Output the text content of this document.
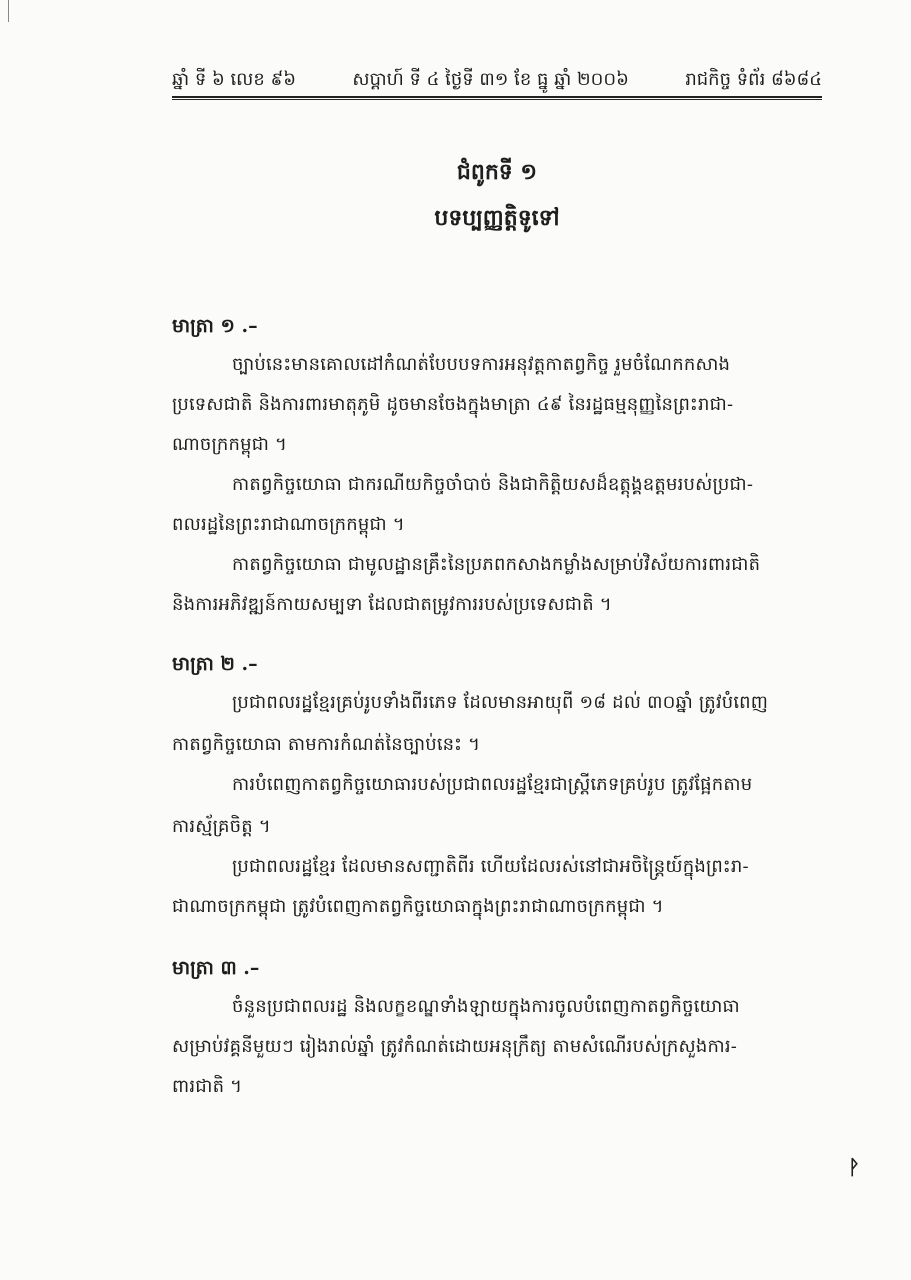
ឆ្នាំ ទី ៦ លេខ ៩៦	សប្តាហ៍ ទី ៤ ថ្ងៃទី ៣១ ខែ ធ្នូ ឆ្នាំ ២០០៦	រាជកិច្ច ទំព័រ ៨៦៨៤
ជំពូកទី ១
បទប្បញ្ញត្តិទូទៅ
មាត្រា ១ .–
ច្បាប់នេះមានគោលដៅកំណត់បែបបទការអនុវត្តកាតព្វកិច្ច រួមចំណែកកសាង
ប្រទេសជាតិ និងការពារមាតុភូមិ ដូចមានចែងក្នុងមាត្រា ៤៩ នៃរដ្ឋធម្មនុញ្ញនៃព្រះរាជា-
ណាចក្រកម្ពុជា ។
កាតព្វកិច្ចយោធា ជាករណីយកិច្ចចាំបាច់ និងជាកិត្តិយសដ៏ឧត្តុង្គឧត្តមរបស់ប្រជា-
ពលរដ្ឋនៃព្រះរាជាណាចក្រកម្ពុជា ។
កាតព្វកិច្ចយោធា ជាមូលដ្ឋានគ្រឹះនៃប្រភពកសាងកម្លាំងសម្រាប់វិស័យការពារជាតិ
និងការអភិវឌ្ឍន៍កាយសម្បទា ដែលជាតម្រូវការរបស់ប្រទេសជាតិ ។
មាត្រា ២ .–
ប្រជាពលរដ្ឋខ្មែរគ្រប់រូបទាំងពីរភេទ ដែលមានអាយុពី ១៨ ដល់ ៣០ឆ្នាំ ត្រូវបំពេញ
កាតព្វកិច្ចយោធា តាមការកំណត់នៃច្បាប់នេះ ។
ការបំពេញកាតព្វកិច្ចយោធារបស់ប្រជាពលរដ្ឋខ្មែរជាស្ត្រីភេទគ្រប់រូប ត្រូវផ្អែកតាម
ការស្ម័គ្រចិត្ត ។
ប្រជាពលរដ្ឋខ្មែរ ដែលមានសញ្ជាតិពីរ ហើយដែលរស់នៅជាអចិន្ត្រៃយ៍ក្នុងព្រះរា-
ជាណាចក្រកម្ពុជា ត្រូវបំពេញកាតព្វកិច្ចយោធាក្នុងព្រះរាជាណាចក្រកម្ពុជា ។
មាត្រា ៣ .–
ចំនួនប្រជាពលរដ្ឋ និងលក្ខខណ្ឌទាំងឡាយក្នុងការចូលបំពេញកាតព្វកិច្ចយោធា
សម្រាប់វគ្គនីមួយៗ រៀងរាល់ឆ្នាំ ត្រូវកំណត់ដោយអនុក្រឹត្យ តាមសំណើរបស់ក្រសួងការ-
ពារជាតិ ។
ᚹ
